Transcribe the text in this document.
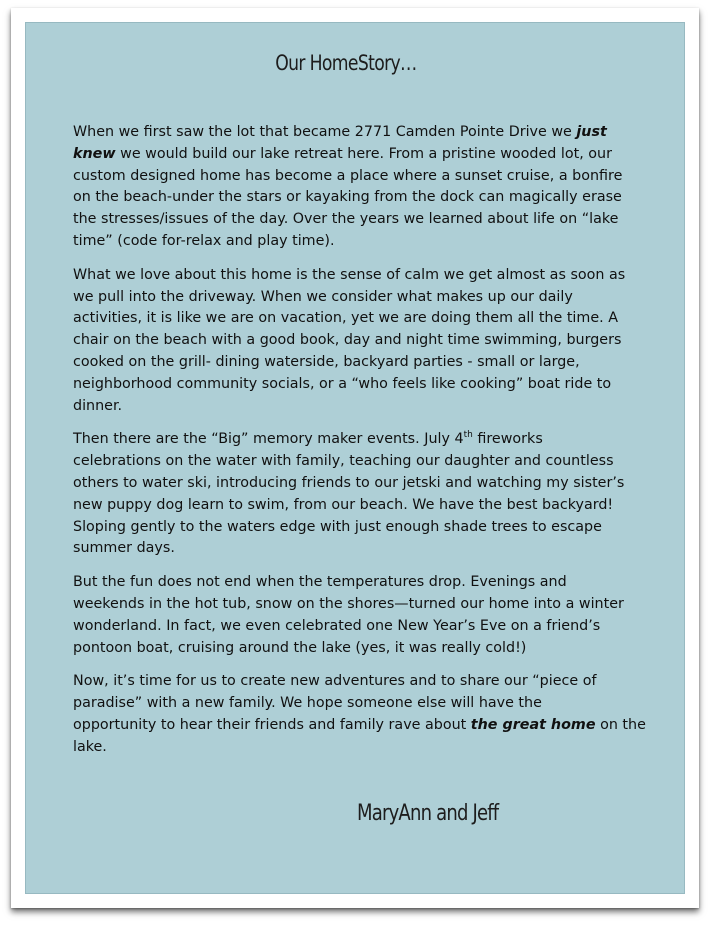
Our HomeStory…

When we first saw the lot that became 2771 Camden Pointe Drive we just
knew we would build our lake retreat here. From a pristine wooded lot, our
custom designed home has become a place where a sunset cruise, a bonfire
on the beach-under the stars or kayaking from the dock can magically erase
the stresses/issues of the day. Over the years we learned about life on “lake
time” (code for-relax and play time).

What we love about this home is the sense of calm we get almost as soon as
we pull into the driveway. When we consider what makes up our daily
activities, it is like we are on vacation, yet we are doing them all the time. A
chair on the beach with a good book, day and night time swimming, burgers
cooked on the grill- dining waterside, backyard parties - small or large,
neighborhood community socials, or a “who feels like cooking” boat ride to
dinner.

Then there are the “Big” memory maker events. July 4th fireworks
celebrations on the water with family, teaching our daughter and countless
others to water ski, introducing friends to our jetski and watching my sister’s
new puppy dog learn to swim, from our beach. We have the best backyard!
Sloping gently to the waters edge with just enough shade trees to escape
summer days.

But the fun does not end when the temperatures drop. Evenings and
weekends in the hot tub, snow on the shores—turned our home into a winter
wonderland. In fact, we even celebrated one New Year’s Eve on a friend’s
pontoon boat, cruising around the lake (yes, it was really cold!)

Now, it’s time for us to create new adventures and to share our “piece of
paradise” with a new family. We hope someone else will have the
opportunity to hear their friends and family rave about the great home on the
lake.

MaryAnn and Jeff
